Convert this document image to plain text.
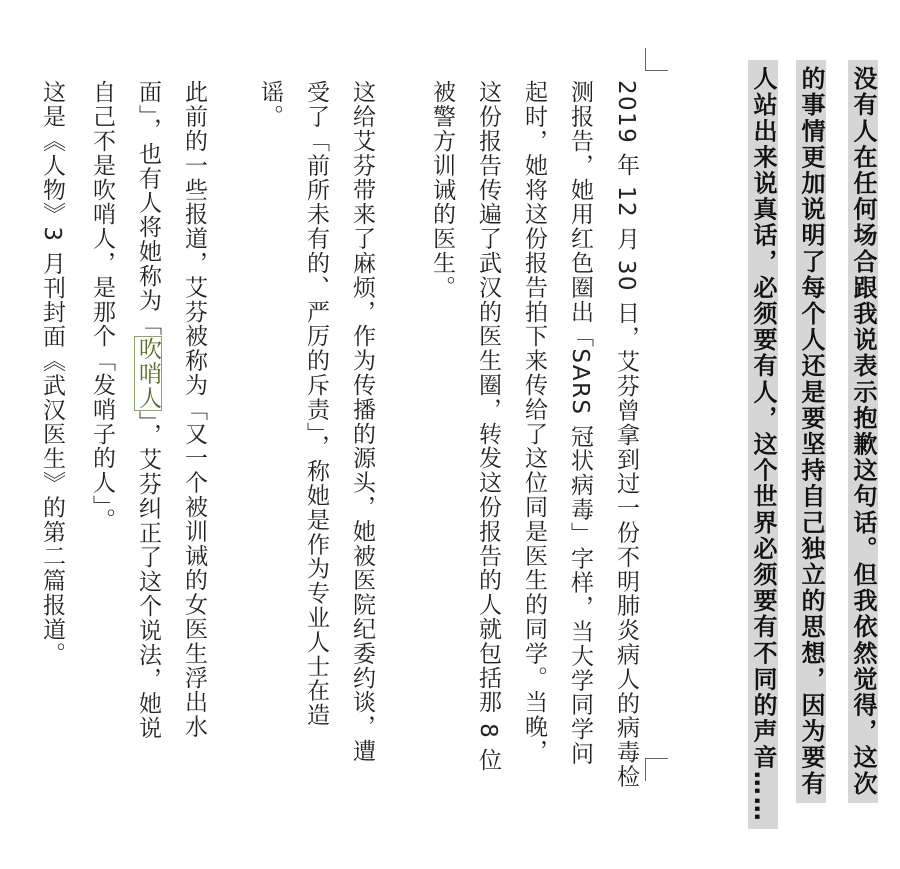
没有人在任何场合跟我说表示抱歉这句话。但我依然觉得，这次
的事情更加说明了每个人还是要坚持自己独立的思想，因为要有
人站出来说真话，必须要有人，这个世界必须要有不同的声音……
2019 年 12 月 30 日，艾芬曾拿到过一份不明肺炎病人的病毒检
测报告，她用红色圈出「SARS 冠状病毒」字样，当大学同学问
起时，她将这份报告拍下来传给了这位同是医生的同学。当晚，
这份报告传遍了武汉的医生圈，转发这份报告的人就包括那 8 位
被警方训诫的医生。
这给艾芬带来了麻烦，作为传播的源头，她被医院纪委约谈，遭
受了「前所未有的、严厉的斥责」，称她是作为专业人士在造
谣。
此前的一些报道，艾芬被称为「又一个被训诫的女医生浮出水
面」，也有人将她称为「吹哨人」，艾芬纠正了这个说法，她说
自己不是吹哨人，是那个「发哨子的人」。
这是《人物》3 月刊封面《武汉医生》的第二篇报道。
